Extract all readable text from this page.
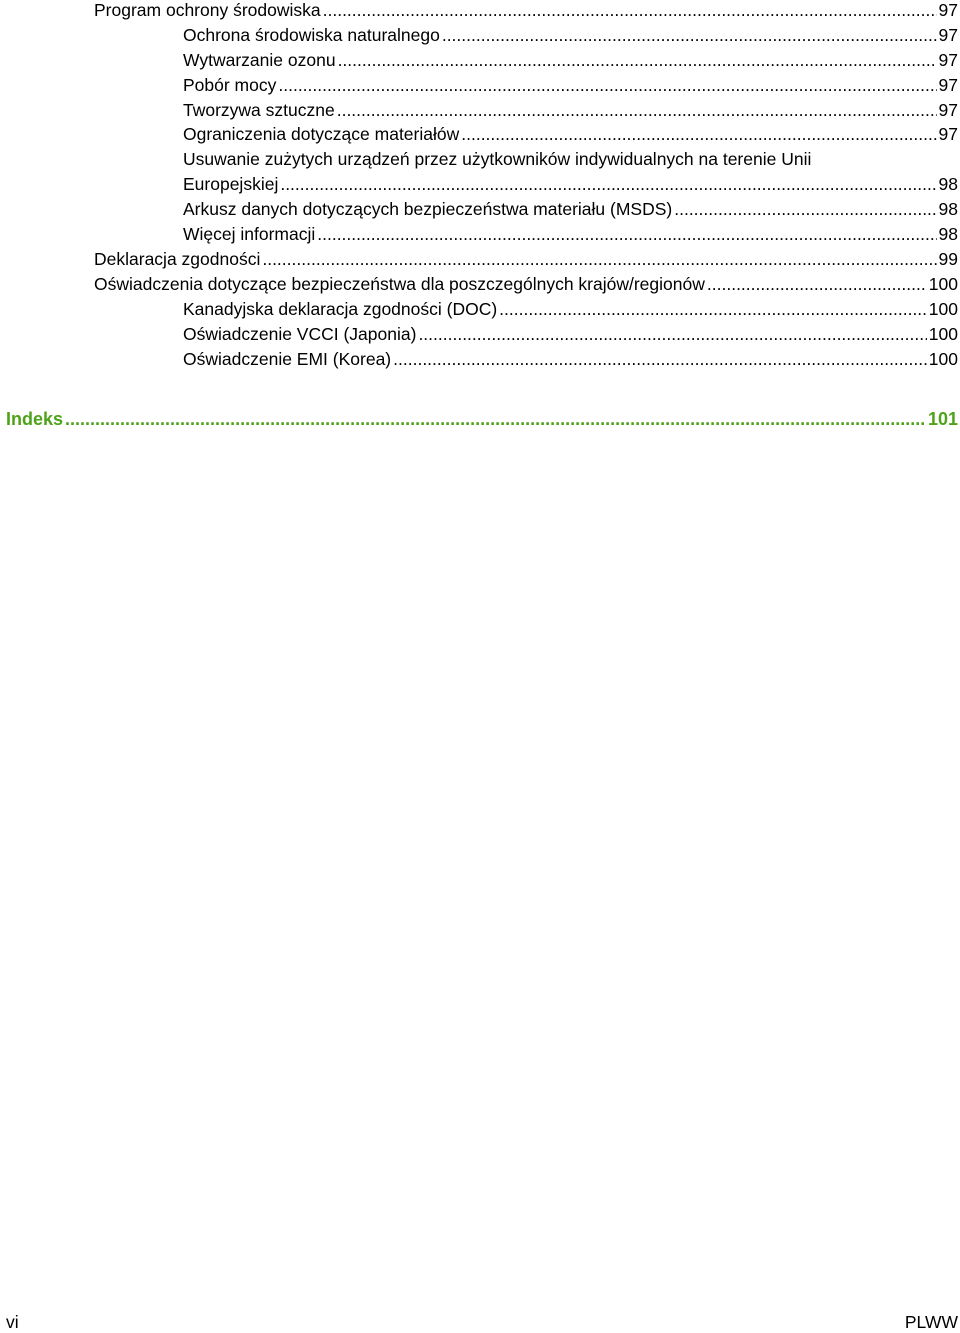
Program ochrony środowiska .....	97
Ochrona środowiska naturalnego .....	97
Wytwarzanie ozonu .....	97
Pobór mocy .....	97
Tworzywa sztuczne .....	97
Ograniczenia dotyczące materiałów .....	97
Usuwanie zużytych urządzeń przez użytkowników indywidualnych na terenie Unii
Europejskiej .....	98
Arkusz danych dotyczących bezpieczeństwa materiału (MSDS) .....	98
Więcej informacji .....	98
Deklaracja zgodności .....	99
Oświadczenia dotyczące bezpieczeństwa dla poszczególnych krajów/regionów .....	100
Kanadyjska deklaracja zgodności (DOC) .....	100
Oświadczenie VCCI (Japonia) .....	100
Oświadczenie EMI (Korea) .....	100
Indeks .....	101
vi	PLWW
